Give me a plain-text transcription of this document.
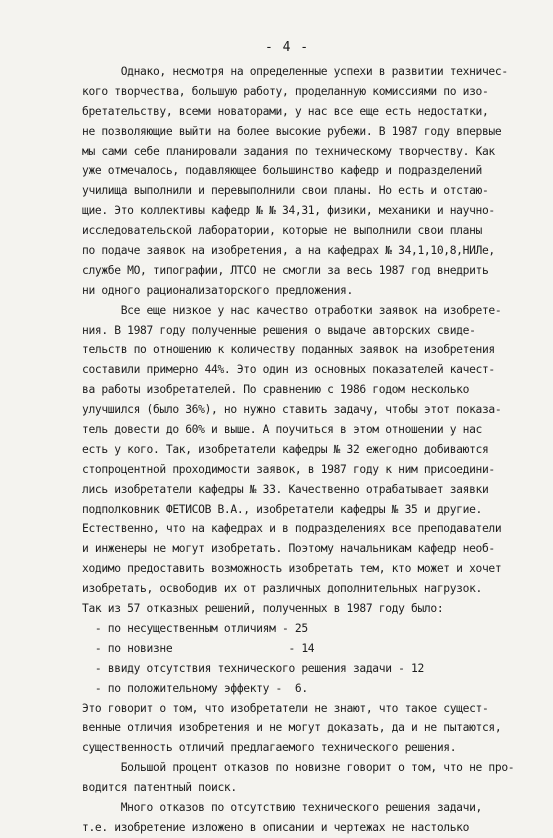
- 4 -
Однако, несмотря на определенные успехи в развитии техничес-
кого творчества, большую работу, проделанную комиссиями по изо-
бретательству, всеми новаторами, у нас все еще есть недостатки,
не позволяющие выйти на более высокие рубежи. В 1987 году впервые
мы сами себе планировали задания по техническому творчеству. Как
уже отмечалось, подавляющее большинство кафедр и подразделений
училища выполнили и перевыполнили свои планы. Но есть и отстаю-
щие. Это коллективы кафедр № № 34,31, физики, механики и научно-
исследовательской лаборатории, которые не выполнили свои планы
по подаче заявок на изобретения, а на кафедрах № 34,1,10,8,НИЛе,
службе МО, типографии, ЛТСО не смогли за весь 1987 год внедрить
ни одного рационализаторского предложения.
Все еще низкое у нас качество отработки заявок на изобрете-
ния. В 1987 году полученные решения о выдаче авторских свиде-
тельств по отношению к количеству поданных заявок на изобретения
составили примерно 44%. Это один из основных показателей качест-
ва работы изобретателей. По сравнению с 1986 годом несколько
улучшился (было 36%), но нужно ставить задачу, чтобы этот показа-
тель довести до 60% и выше. А поучиться в этом отношении у нас
есть у кого. Так, изобретатели кафедры № 32 ежегодно добиваются
стопроцентной проходимости заявок, в 1987 году к ним присоедини-
лись изобретатели кафедры № 33. Качественно отрабатывает заявки
подполковник ФЕТИСОВ В.А., изобретатели кафедры № 35 и другие.
Естественно, что на кафедрах и в подразделениях все преподаватели
и инженеры не могут изобретать. Поэтому начальникам кафедр необ-
ходимо предоставить возможность изобретать тем, кто может и хочет
изобретать, освободив их от различных дополнительных нагрузок.
Так из 57 отказных решений, полученных в 1987 году было:
- по несущественным отличиям - 25
- по новизне                  - 14
- ввиду отсутствия технического решения задачи - 12
- по положительному эффекту -  6.
Это говорит о том, что изобретатели не знают, что такое сущест-
венные отличия изобретения и не могут доказать, да и не пытаются,
существенность отличий предлагаемого технического решения.
Большой процент отказов по новизне говорит о том, что не про-
водится патентный поиск.
Много отказов по отсутствию технического решения задачи,
т.е. изобретение изложено в описании и чертежах не настолько
